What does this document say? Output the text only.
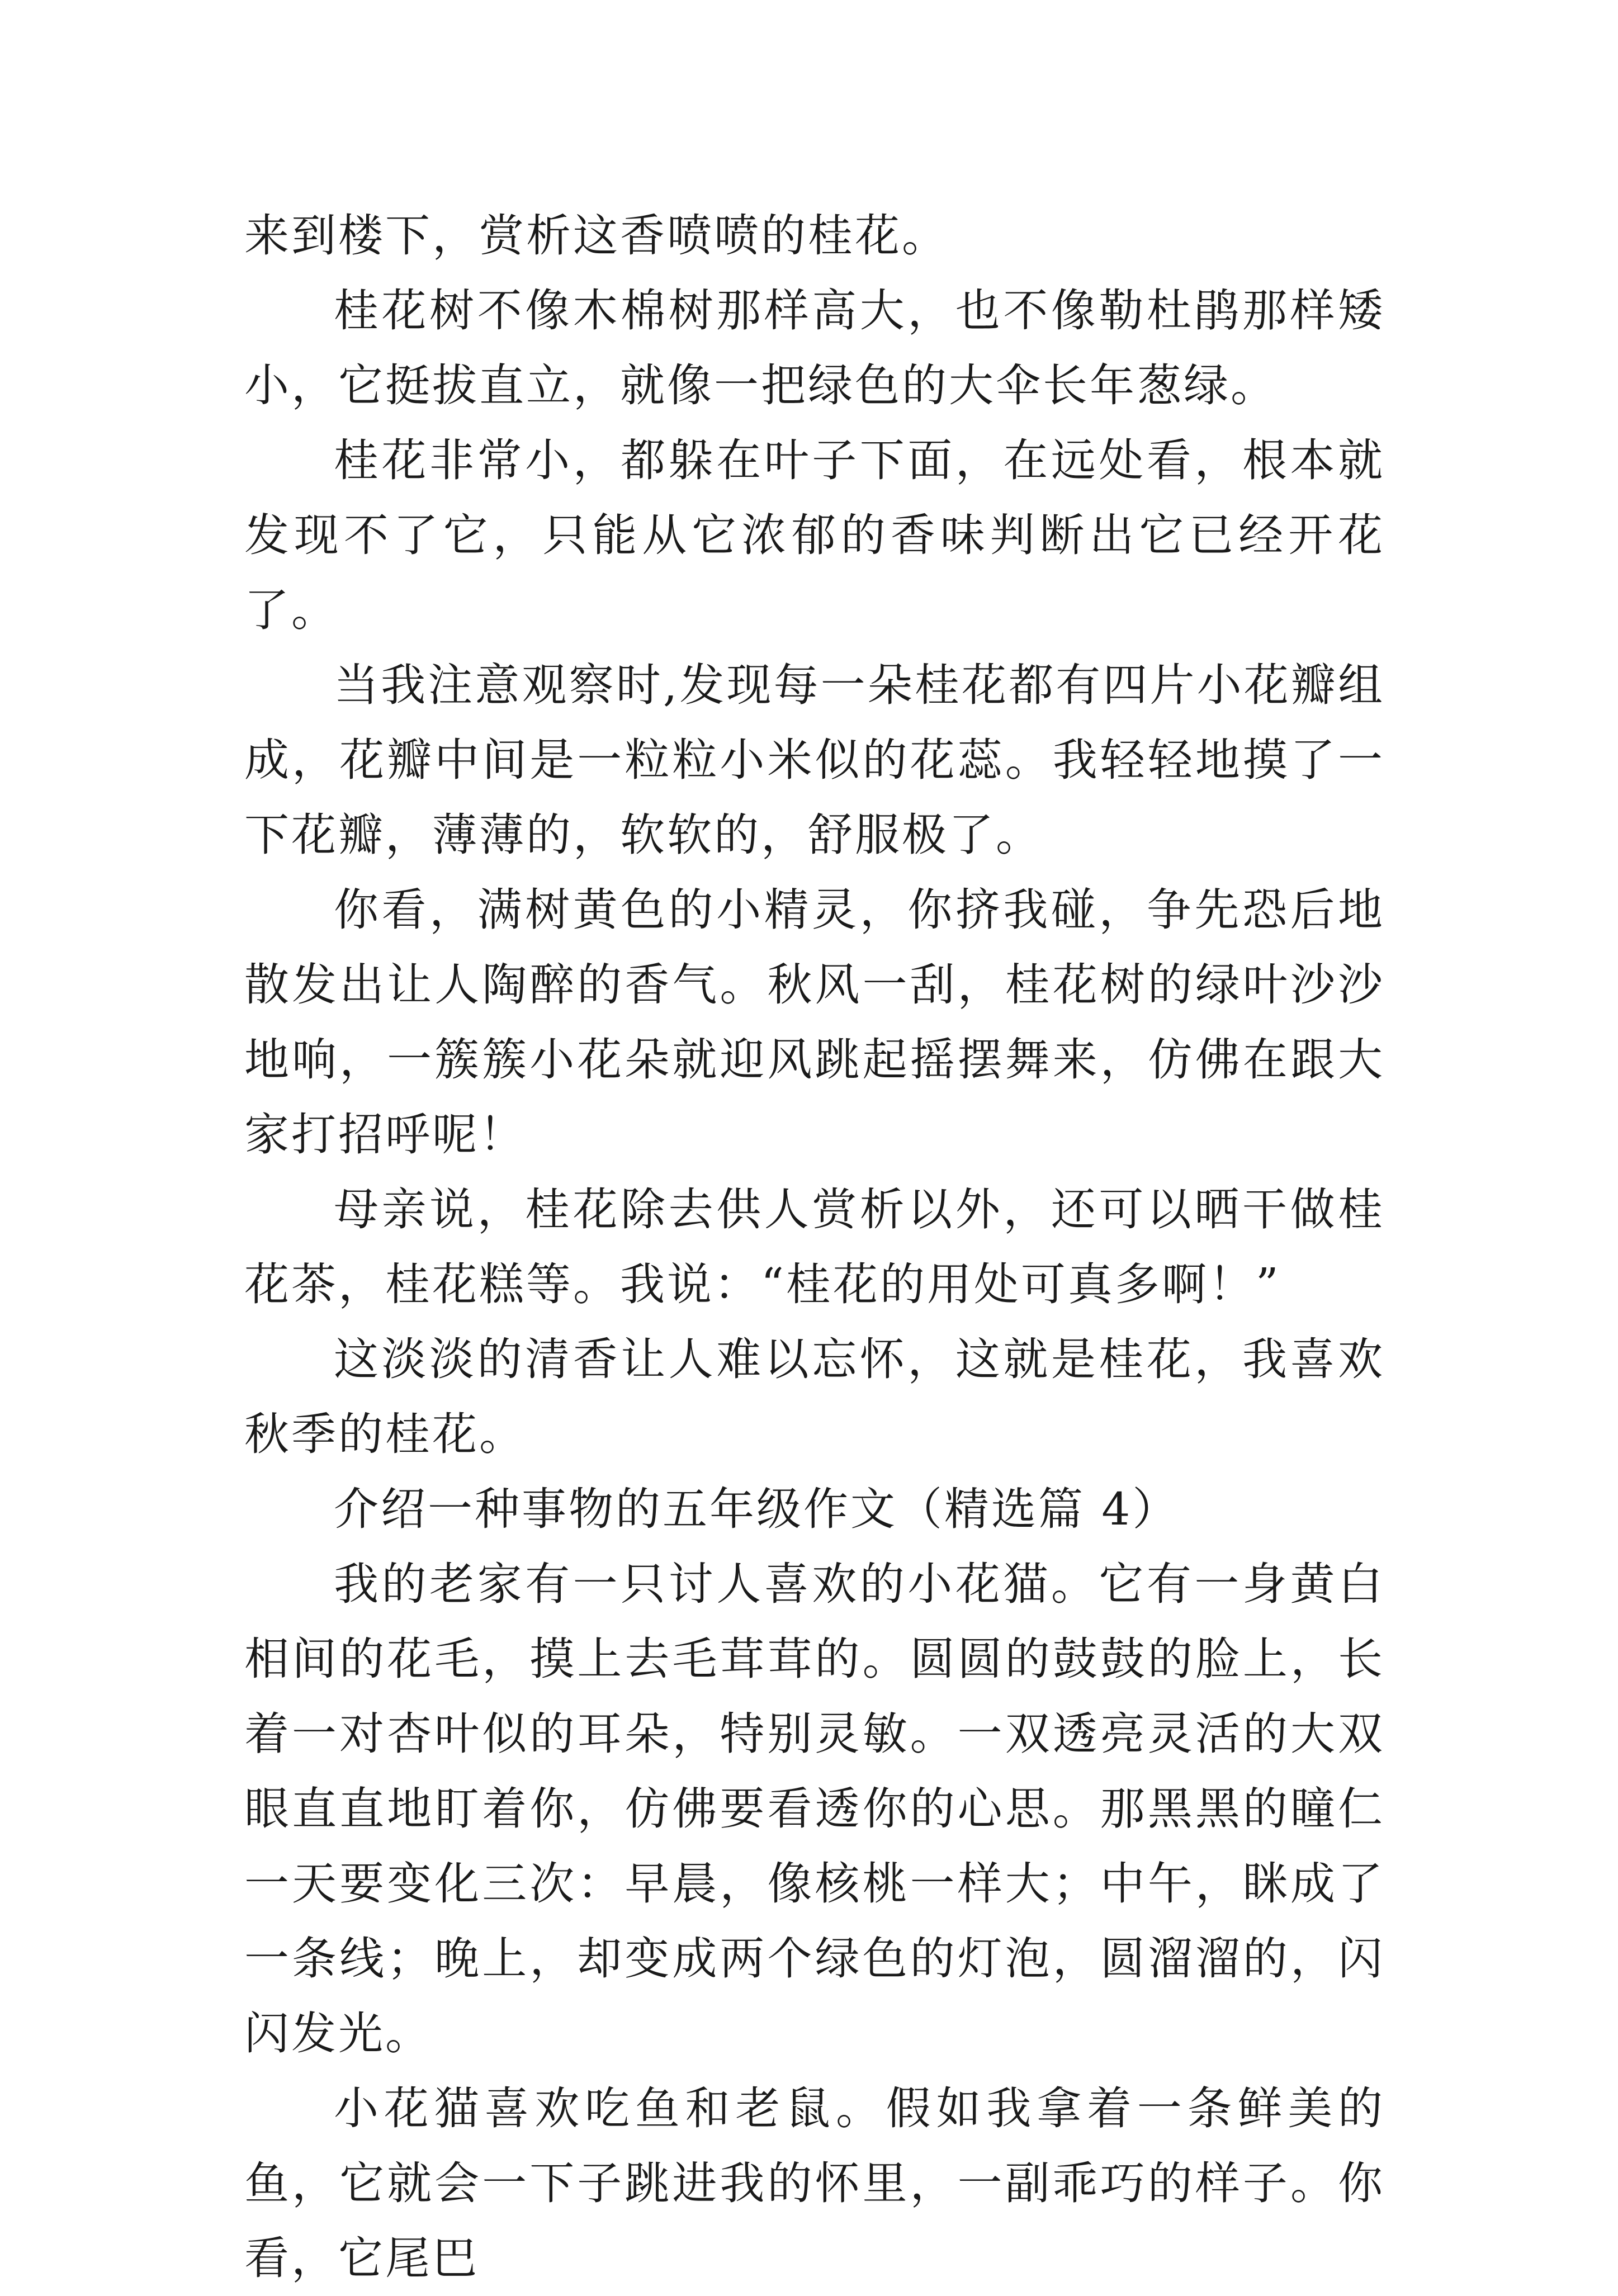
来到楼下，赏析这香喷喷的桂花。

桂花树不像木棉树那样高大，也不像勒杜鹃那样矮小，它挺拔直立，就像一把绿色的大伞长年葱绿。

桂花非常小，都躲在叶子下面，在远处看，根本就发现不了它，只能从它浓郁的香味判断出它已经开花了。

当我注意观察时,发现每一朵桂花都有四片小花瓣组成，花瓣中间是一粒粒小米似的花蕊。我轻轻地摸了一下花瓣，薄薄的，软软的，舒服极了。

你看，满树黄色的小精灵，你挤我碰，争先恐后地散发出让人陶醉的香气。秋风一刮，桂花树的绿叶沙沙地响，一簇簇小花朵就迎风跳起摇摆舞来，仿佛在跟大家打招呼呢！

母亲说，桂花除去供人赏析以外，还可以晒干做桂花茶，桂花糕等。我说：“桂花的用处可真多啊！”

这淡淡的清香让人难以忘怀，这就是桂花，我喜欢秋季的桂花。

介绍一种事物的五年级作文（精选篇 4）

我的老家有一只讨人喜欢的小花猫。它有一身黄白相间的花毛，摸上去毛茸茸的。圆圆的鼓鼓的脸上，长着一对杏叶似的耳朵，特别灵敏。一双透亮灵活的大双眼直直地盯着你，仿佛要看透你的心思。那黑黑的瞳仁一天要变化三次：早晨，像核桃一样大；中午，眯成了一条线；晚上，却变成两个绿色的灯泡，圆溜溜的，闪闪发光。

小花猫喜欢吃鱼和老鼠。假如我拿着一条鲜美的鱼，它就会一下子跳进我的怀里，一副乖巧的样子。你看，它尾巴
